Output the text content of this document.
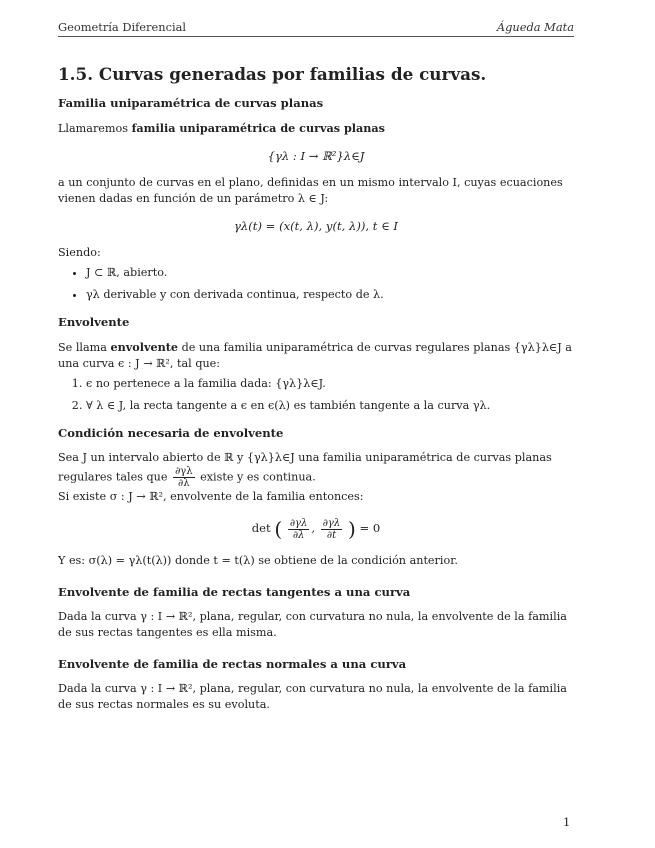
Geometría Diferencial	Águeda Mata
1.5. Curvas generadas por familias de curvas.
Familia uniparamétrica de curvas planas

Llamaremos familia uniparamétrica de curvas planas

{γλ : I → ℝ²}λ∈J

a un conjunto de curvas en el plano, definidas en un mismo intervalo I, cuyas ecuaciones vienen dadas en función de un parámetro λ ∈ J:

γλ(t) = (x(t, λ), y(t, λ)), t ∈ I

Siendo:

• J ⊂ ℝ, abierto.
• γλ derivable y con derivada continua, respecto de λ.
Envolvente

Se llama envolvente de una familia uniparamétrica de curvas regulares planas {γλ}λ∈J a una curva ϵ : J → ℝ², tal que:

1. ϵ no pertenece a la familia dada: {γλ}λ∈J.
2. ∀ λ ∈ J, la recta tangente a ϵ en ϵ(λ) es también tangente a la curva γλ.
Condición necesaria de envolvente

Sea J un intervalo abierto de ℝ y {γλ}λ∈J una familia uniparamétrica de curvas planas regulares tales que $\frac{\partial\gamma\lambda}{\partial\lambda}$ existe y es continua.

Si existe σ : J → ℝ², envolvente de la familia entonces:

det ( $\frac{\partial\gamma\lambda}{\partial\lambda}$ , $\frac{\partial\gamma\lambda}{\partial t}$ ) = 0

Y es: σ(λ) = γλ(t(λ)) donde t = t(λ) se obtiene de la condición anterior.

Envolvente de familia de rectas tangentes a una curva

Dada la curva γ : I → ℝ², plana, regular, con curvatura no nula, la envolvente de la familia de sus rectas tangentes es ella misma.

Envolvente de familia de rectas normales a una curva

Dada la curva γ : I → ℝ², plana, regular, con curvatura no nula, la envolvente de la familia de sus rectas normales es su evoluta.

1
